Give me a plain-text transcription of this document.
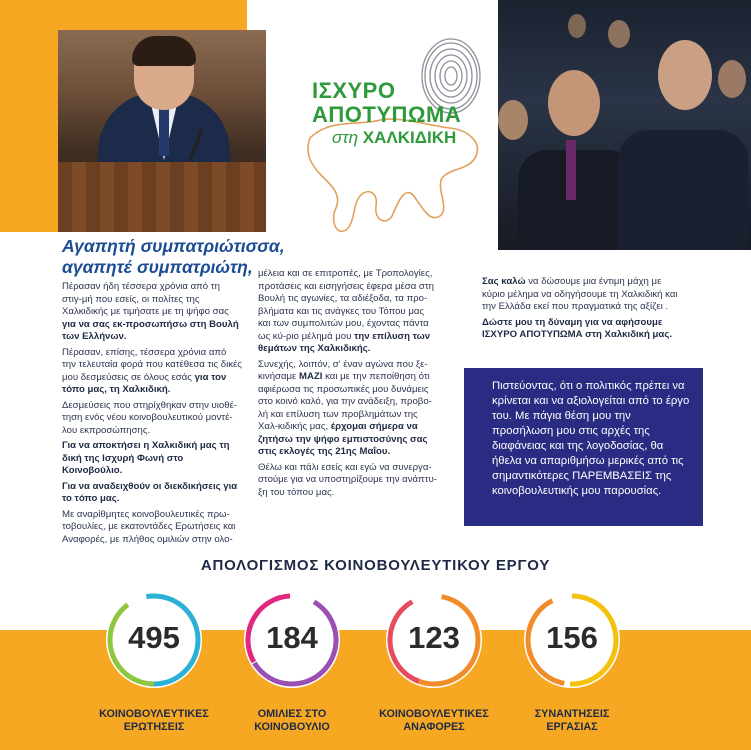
ΙΣΧΥΡΟ
ΑΠΟΤΥΠΩΜΑ
στη ΧΑΛΚΙΔΙΚΗ
Αγαπητή συμπατριώτισσα,
αγαπητέ συμπατριώτη,

Πέρασαν ήδη τέσσερα χρόνια από τη στιγ-μή που εσείς, οι πολίτες της Χαλκιδικής με τιμήσατε με τη ψήφο σας για να σας εκ-προσωπήσω στη Βουλή των Ελλήνων.

Πέρασαν, επίσης, τέσσερα χρόνια από την τελευταία φορά που κατέθεσα τις δικές μου δεσμεύσεις σε όλους εσάς για τον τόπο μας, τη Χαλκιδική.

Δεσμεύσεις που στηρίχθηκαν στην υιοθέ-τηση ενός νέου κοινοβουλευτικού μοντέ-λου εκπροσώπησης.

Για να αποκτήσει η Χαλκιδική μας τη δική της Ισχυρή Φωνή στο Κοινοβούλιο.

Για να αναδειχθούν οι διεκδικήσεις για το τόπο μας.

Με αναρίθμητες κοινοβουλευτικές πρω-τοβουλίες, με εκατοντάδες Ερωτήσεις και Αναφορές, με πλήθος ομιλιών στην ολο-

μέλεια και σε επιτροπές, με Τροπολογίες, προτάσεις και εισηγήσεις έφερα μέσα στη Βουλή τις αγωνίες, τα αδιέξοδα, τα προ-βλήματα και τις ανάγκες του Τόπου μας και των συμπολιτών μου, έχοντας πάντα ως κύ-ριο μέλημά μου την επίλυση των θεμάτων της Χαλκιδικής.

Συνεχής, λοιπόν, σ' έναν αγώνα που ξε-κινήσαμε ΜΑΖΙ και με την πεποίθηση ότι αφιέρωσα τις προσωπικές μου δυνάμεις στο κοινό καλό, για την ανάδειξη, προβο-λή και επίλυση των προβλημάτων της Χαλ-κιδικής μας, έρχομαι σήμερα να ζητήσω την ψήφο εμπιστοσύνης σας στις εκλογές της 21ης Μαΐου.

Θέλω και πάλι εσείς και εγώ να συνεργα-στούμε για να υποστηρίξουμε την ανάπτυ-ξη του τόπου μας.

Σας καλώ να δώσουμε μια έντιμη μάχη με κύριο μέλημα να οδηγήσουμε τη Χαλκιδική και την Ελλάδα εκεί που πραγματικά της αξίζει .

Δώστε μου τη δύναμη για να αφήσουμε ΙΣΧΥΡΟ ΑΠΟΤΥΠΩΜΑ στη Χαλκιδική μας.

Πιστεύοντας, ότι ο πολιτικός πρέπει να κρίνεται και να αξιολογείται από το έργο του. Με πάγια θέση μου την προσήλωση μου στις αρχές της διαφάνειας και της λογοδοσίας, θα ήθελα να απαριθμήσω μερικές από τις σημαντικότερες ΠΑΡΕΜΒΑΣΕΙΣ της κοινοβουλευτικής μου παρουσίας.
ΑΠΟΛΟΓΙΣΜΟΣ ΚΟΙΝΟΒΟΥΛΕΥΤΙΚΟΥ ΕΡΓΟΥ
495
ΚΟΙΝΟΒΟΥΛΕΥΤΙΚΕΣ
ΕΡΩΤΗΣΕΙΣ
184
ΟΜΙΛΙΕΣ ΣΤΟ
ΚΟΙΝΟΒΟΥΛΙΟ
123
ΚΟΙΝΟΒΟΥΛΕΥΤΙΚΕΣ
ΑΝΑΦΟΡΕΣ
156
ΣΥΝΑΝΤΗΣΕΙΣ
ΕΡΓΑΣΙΑΣ
